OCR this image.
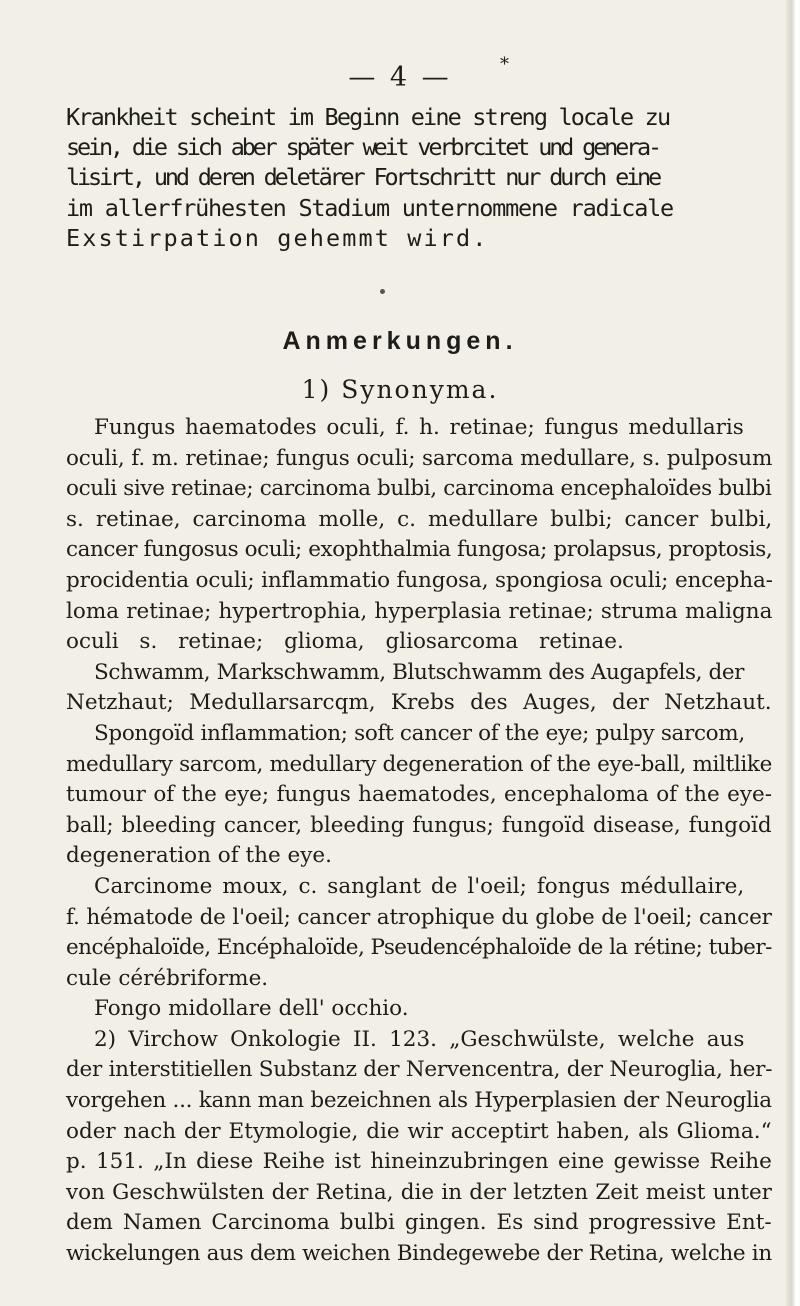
— 4 —	*
Krankheit scheint im Beginn eine streng locale zu
sein, die sich aber später weit verbrcitet und genera-
lisirt, und deren deletärer Fortschritt nur durch eine
im allerfrühesten Stadium unternommene radicale
Exstirpation gehemmt wird.
Anmerkungen.
1) Synonyma.
Fungus haematodes oculi, f. h. retinae; fungus medullaris
oculi, f. m. retinae; fungus oculi; sarcoma medullare, s. pulposum
oculi sive retinae; carcinoma bulbi, carcinoma encephaloïdes bulbi
s. retinae, carcinoma molle, c. medullare bulbi; cancer bulbi,
cancer fungosus oculi; exophthalmia fungosa; prolapsus, proptosis,
procidentia oculi; inflammatio fungosa, spongiosa oculi; encepha-
loma retinae; hypertrophia, hyperplasia retinae; struma maligna
oculi s. retinae; glioma, gliosarcoma retinae.
Schwamm, Markschwamm, Blutschwamm des Augapfels, der
Netzhaut; Medullarsarcqm, Krebs des Auges, der Netzhaut.
Spongoïd inflammation; soft cancer of the eye; pulpy sarcom,
medullary sarcom, medullary degeneration of the eye-ball, miltlike
tumour of the eye; fungus haematodes, encephaloma of the eye-
ball; bleeding cancer, bleeding fungus; fungoïd disease, fungoïd
degeneration of the eye.
Carcinome moux, c. sanglant de l'oeil; fongus médullaire,
f. hématode de l'oeil; cancer atrophique du globe de l'oeil; cancer
encéphaloïde, Encéphaloïde, Pseudencéphaloïde de la rétine; tuber-
cule cérébriforme.
Fongo midollare dell' occhio.
2) Virchow Onkologie II. 123. „Geschwülste, welche aus
der interstitiellen Substanz der Nervencentra, der Neuroglia, her-
vorgehen ... kann man bezeichnen als Hyperplasien der Neuroglia
oder nach der Etymologie, die wir acceptirt haben, als Glioma.“
p. 151. „In diese Reihe ist hineinzubringen eine gewisse Reihe
von Geschwülsten der Retina, die in der letzten Zeit meist unter
dem Namen Carcinoma bulbi gingen. Es sind progressive Ent-
wickelungen aus dem weichen Bindegewebe der Retina, welche in
